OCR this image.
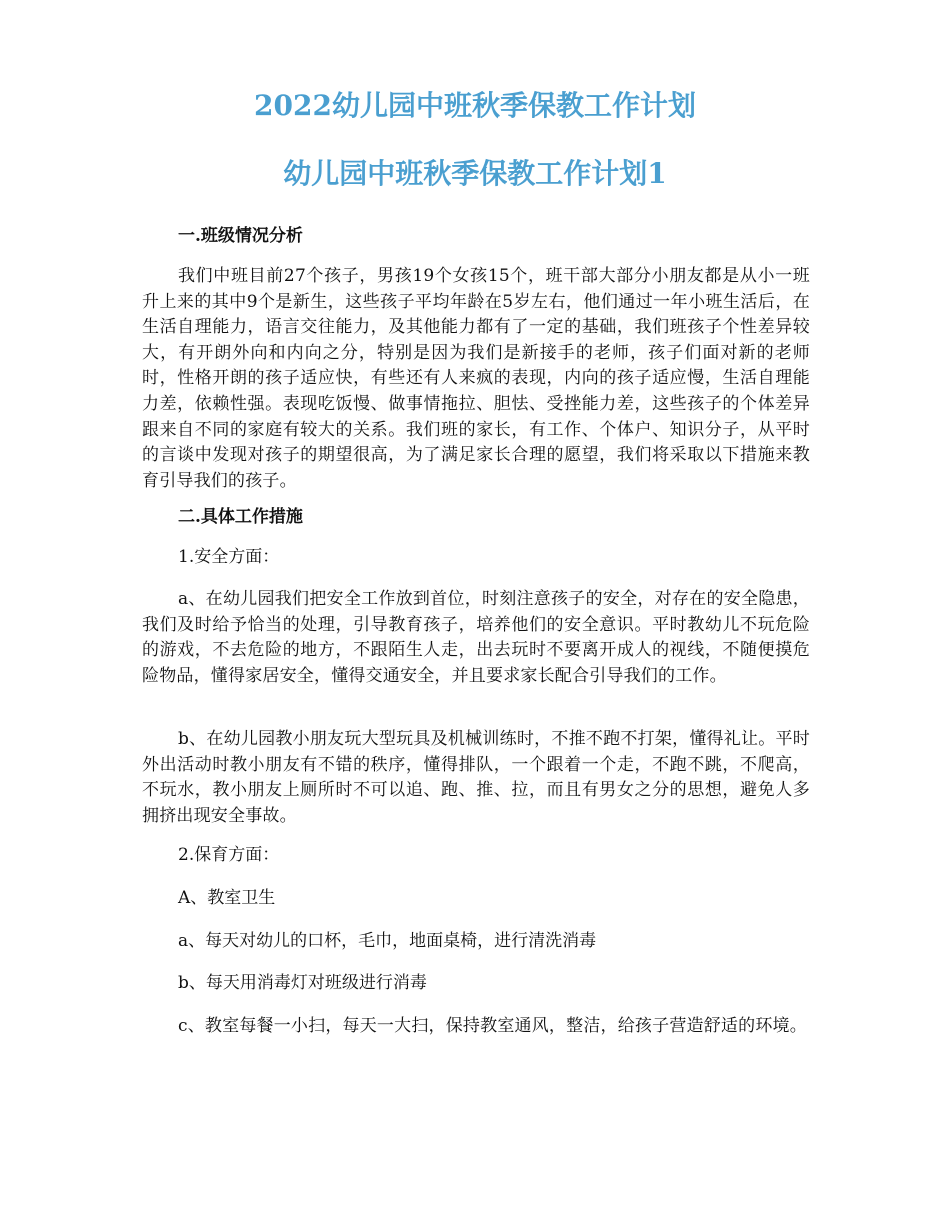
2022幼儿园中班秋季保教工作计划
幼儿园中班秋季保教工作计划1

一.班级情况分析

我们中班目前27个孩子，男孩19个女孩15个，班干部大部分小朋友都是从小一班升上来的其中9个是新生，这些孩子平均年龄在5岁左右，他们通过一年小班生活后，在生活自理能力，语言交往能力，及其他能力都有了一定的基础，我们班孩子个性差异较大，有开朗外向和内向之分，特别是因为我们是新接手的老师，孩子们面对新的老师时，性格开朗的孩子适应快，有些还有人来疯的表现，内向的孩子适应慢，生活自理能力差，依赖性强。表现吃饭慢、做事情拖拉、胆怯、受挫能力差，这些孩子的个体差异跟来自不同的家庭有较大的关系。我们班的家长，有工作、个体户、知识分子，从平时的言谈中发现对孩子的期望很高，为了满足家长合理的愿望，我们将采取以下措施来教育引导我们的孩子。

二.具体工作措施

1.安全方面：

a、在幼儿园我们把安全工作放到首位，时刻注意孩子的安全，对存在的安全隐患，我们及时给予恰当的处理，引导教育孩子，培养他们的安全意识。平时教幼儿不玩危险的游戏，不去危险的地方，不跟陌生人走，出去玩时不要离开成人的视线，不随便摸危险物品，懂得家居安全，懂得交通安全，并且要求家长配合引导我们的工作。

b、在幼儿园教小朋友玩大型玩具及机械训练时，不推不跑不打架，懂得礼让。平时外出活动时教小朋友有不错的秩序，懂得排队，一个跟着一个走，不跑不跳，不爬高，不玩水，教小朋友上厕所时不可以追、跑、推、拉，而且有男女之分的思想，避免人多拥挤出现安全事故。

2.保育方面：

A、教室卫生

a、每天对幼儿的口杯，毛巾，地面桌椅，进行清洗消毒

b、每天用消毒灯对班级进行消毒

c、教室每餐一小扫，每天一大扫，保持教室通风，整洁，给孩子营造舒适的环境。
